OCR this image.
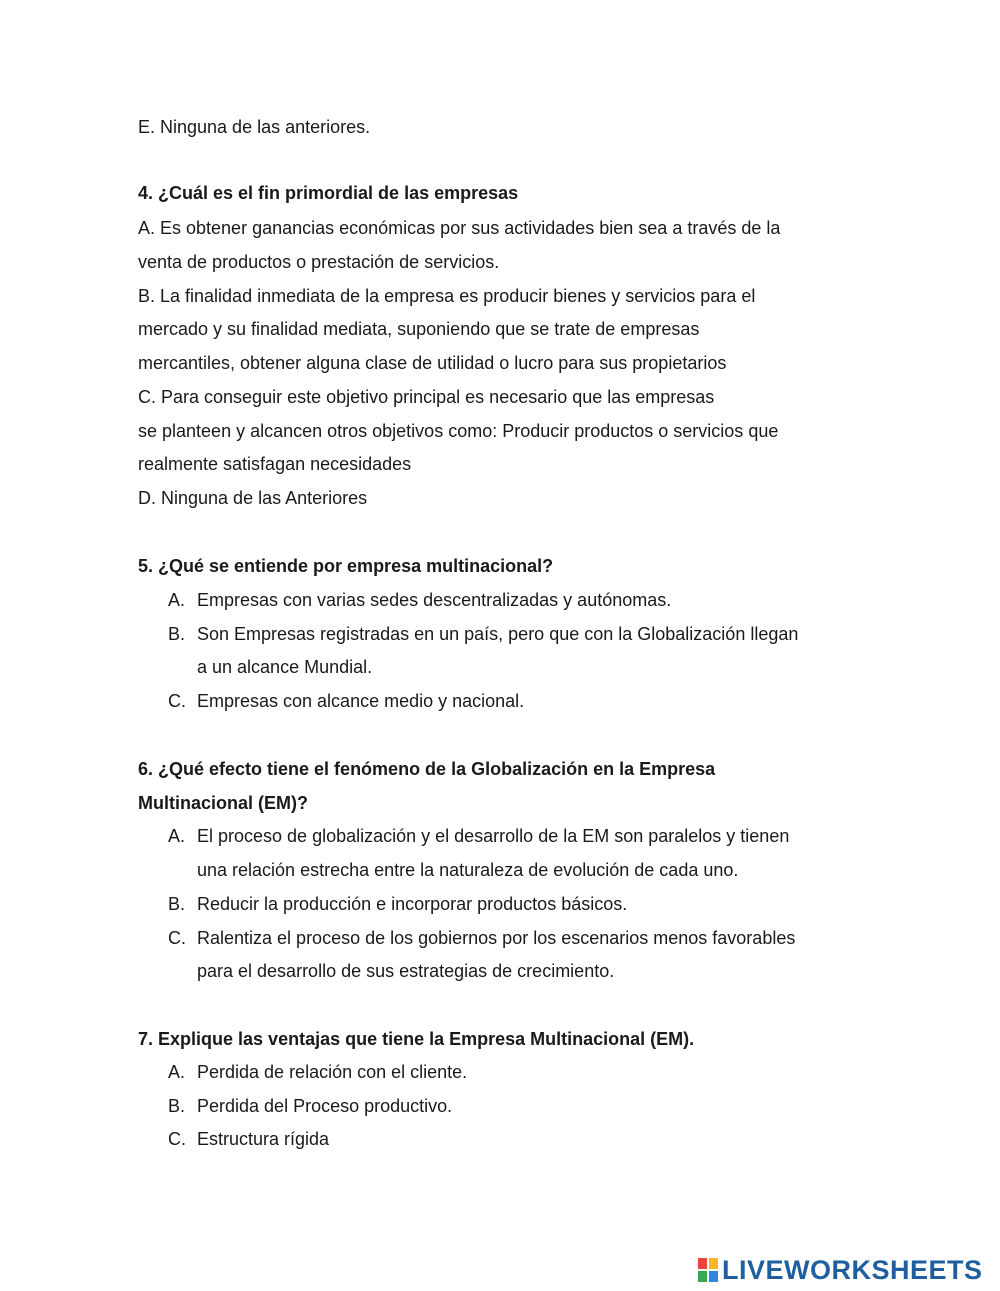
E. Ninguna de las anteriores.
4. ¿Cuál es el fin primordial de las empresas
A. Es obtener ganancias económicas por sus actividades bien sea a través de la
venta de productos o prestación de servicios.
B. La finalidad inmediata de la empresa es producir bienes y servicios para el
mercado y su finalidad mediata, suponiendo que se trate de empresas
mercantiles, obtener alguna clase de utilidad o lucro para sus propietarios
C. Para conseguir este objetivo principal es necesario que las empresas
se planteen y alcancen otros objetivos como: Producir productos o servicios que
realmente satisfagan necesidades
D. Ninguna de las Anteriores
5. ¿Qué se entiende por empresa multinacional?
A. Empresas con varias sedes descentralizadas y autónomas.
B. Son Empresas registradas en un país, pero que con la Globalización llegan
a un alcance Mundial.
C. Empresas con alcance medio y nacional.
6. ¿Qué efecto tiene el fenómeno de la Globalización en la Empresa
Multinacional (EM)?
A. El proceso de globalización y el desarrollo de la EM son paralelos y tienen
una relación estrecha entre la naturaleza de evolución de cada uno.
B. Reducir la producción e incorporar productos básicos.
C. Ralentiza el proceso de los gobiernos por los escenarios menos favorables
para el desarrollo de sus estrategias de crecimiento.
7. Explique las ventajas que tiene la Empresa Multinacional (EM).
A. Perdida de relación con el cliente.
B. Perdida del Proceso productivo.
C. Estructura rígida
LIVEWORKSHEETS
